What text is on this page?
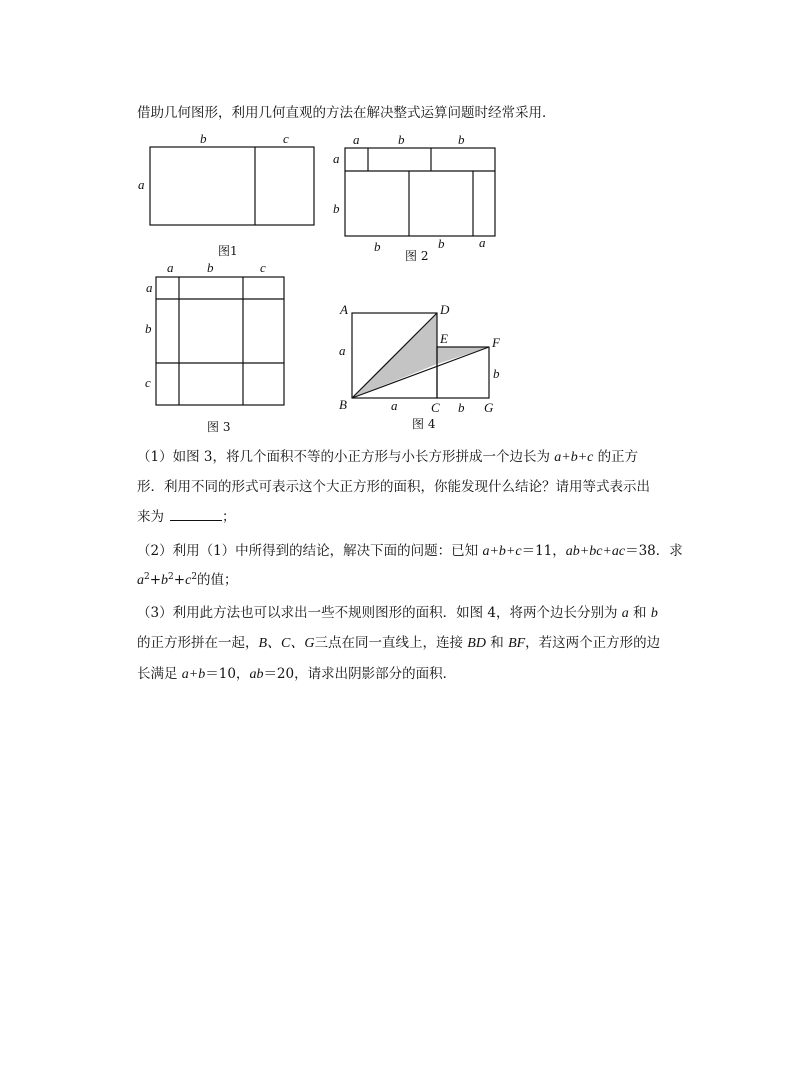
借助几何图形，利用几何直观的方法在解决整式运算问题时经常采用．
b	c
a
图1
a	b	b
a
b
b	b	a
图 2
a	b	c
a
b
c
图 3
A	D
E	F
B	C	G
a
a	b
b
图 4
（1）如图 3，将几个面积不等的小正方形与小长方形拼成一个边长为 a+b+c 的正方
形．利用不同的形式可表示这个大正方形的面积，你能发现什么结论？请用等式表示出
来为	；
（2）利用（1）中所得到的结论，解决下面的问题：已知 a+b+c＝11，ab+bc+ac＝38．求
$a^2+b^2+c^2$的值；
（3）利用此方法也可以求出一些不规则图形的面积．如图 4，将两个边长分别为 a 和 b
的正方形拼在一起，B、C、G三点在同一直线上，连接 BD 和 BF，若这两个正方形的边
长满足 a+b＝10，ab＝20，请求出阴影部分的面积．
